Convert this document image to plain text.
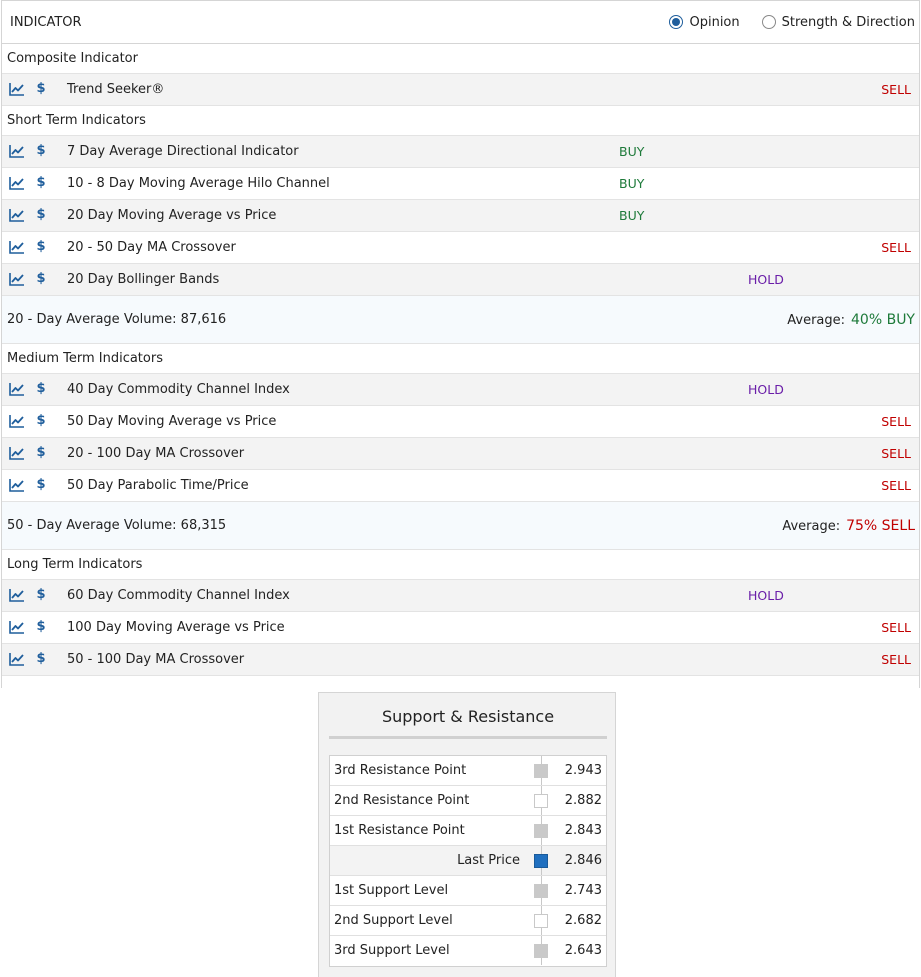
INDICATOR	Opinion	Strength & Direction
Composite Indicator
$ Trend Seeker®	SELL
Short Term Indicators
$ 7 Day Average Directional Indicator	BUY
$ 10 - 8 Day Moving Average Hilo Channel	BUY
$ 20 Day Moving Average vs Price	BUY
$ 20 - 50 Day MA Crossover	SELL
$ 20 Day Bollinger Bands	HOLD
20 - Day Average Volume: 87,616	Average: 40% BUY
Medium Term Indicators
$ 40 Day Commodity Channel Index	HOLD
$ 50 Day Moving Average vs Price	SELL
$ 20 - 100 Day MA Crossover	SELL
$ 50 Day Parabolic Time/Price	SELL
50 - Day Average Volume: 68,315	Average: 75% SELL
Long Term Indicators
$ 60 Day Commodity Channel Index	HOLD
$ 100 Day Moving Average vs Price	SELL
$ 50 - 100 Day MA Crossover	SELL
Support & Resistance
3rd Resistance Point	2.943
2nd Resistance Point	2.882
1st Resistance Point	2.843
Last Price	2.846
1st Support Level	2.743
2nd Support Level	2.682
3rd Support Level	2.643
